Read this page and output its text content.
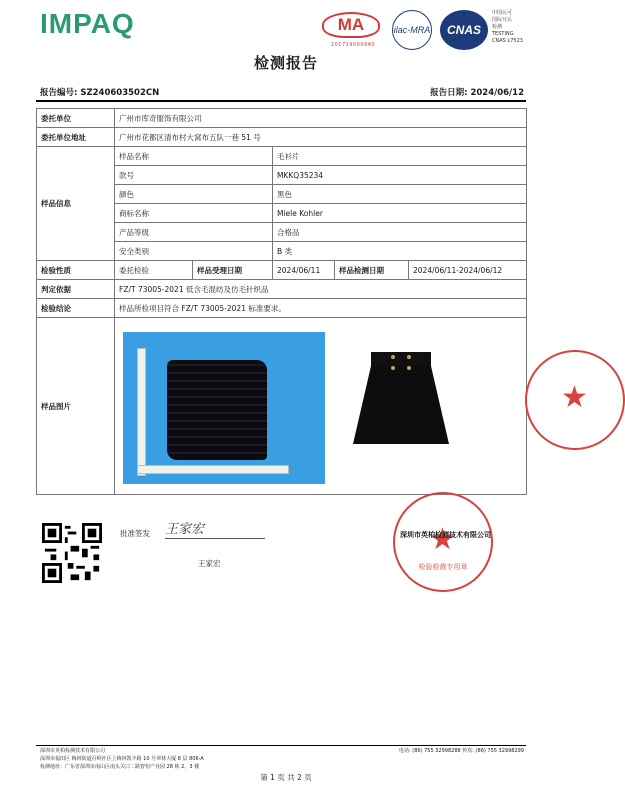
IMPAQ	MA
201719000940
ilac-MRA	CNAS
中国认可
国际互认
检测
TESTING
CNAS L7523
检测报告
报告编号: SZ240603502CN	报告日期: 2024/06/12
委托单位	广州市库奇服饰有限公司				
委托单位地址	广州市花都区清布村大窝布五队一巷 51 号				
样品信息	样品名称		毛衫片		
	款号		MKKQ35234		
	颜色		黑色		
	商标名称		Miele Kohler		
	产品等级		合格品		
	安全类别		B 类		
检验性质	委托检验	样品受理日期	2024/06/11	样品检测日期	2024/06/11-2024/06/12
判定依据	FZ/T 73005-2021 低含毛混纺及仿毛针织品				
检验结论	样品所检项目符合 FZ/T 73005-2021 标准要求。				
样品图片	
批准签发 王家宏
王家宏
★
检验检测专用章
深圳市英柏检测技术有限公司
★
深圳市英柏检测技术有限公司
深圳市福田区 梅林街道孖岭社区上梅林凯丰路 10 号翠林大厦 8 层 806-A
检测地址：广东省深圳市南山区南头关口二路智恒产业园 28 栋 2、3 楼
电话: (86) 755 32998288 传真: (86) 755 32998299
第 1 页 共 2 页
